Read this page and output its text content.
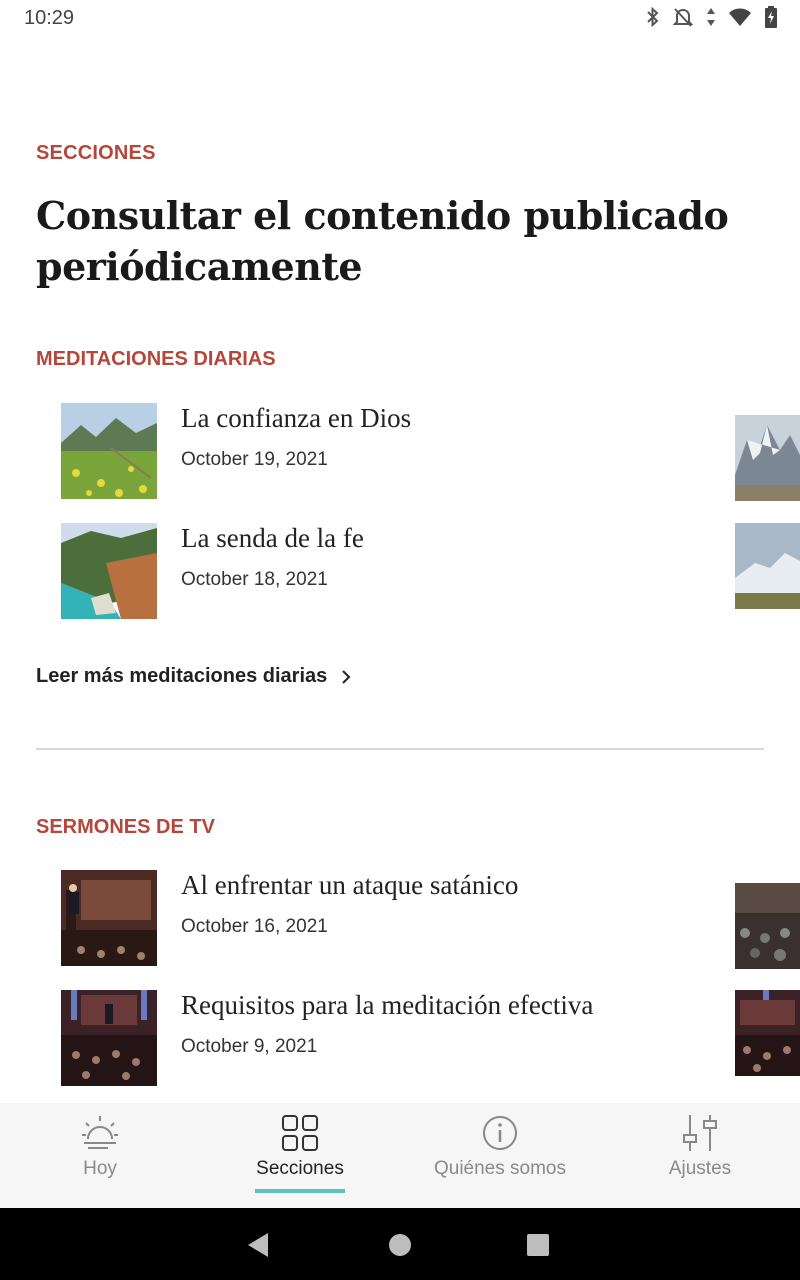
10:29
SECCIONES
Consultar el contenido publicado periódicamente
MEDITACIONES DIARIAS
La confianza en Dios
October 19, 2021
La senda de la fe
October 18, 2021
Leer más meditaciones diarias
SERMONES DE TV
Al enfrentar un ataque satánico
October 16, 2021
Requisitos para la meditación efectiva
October 9, 2021
Hoy	Secciones	Quiénes somos	Ajustes
